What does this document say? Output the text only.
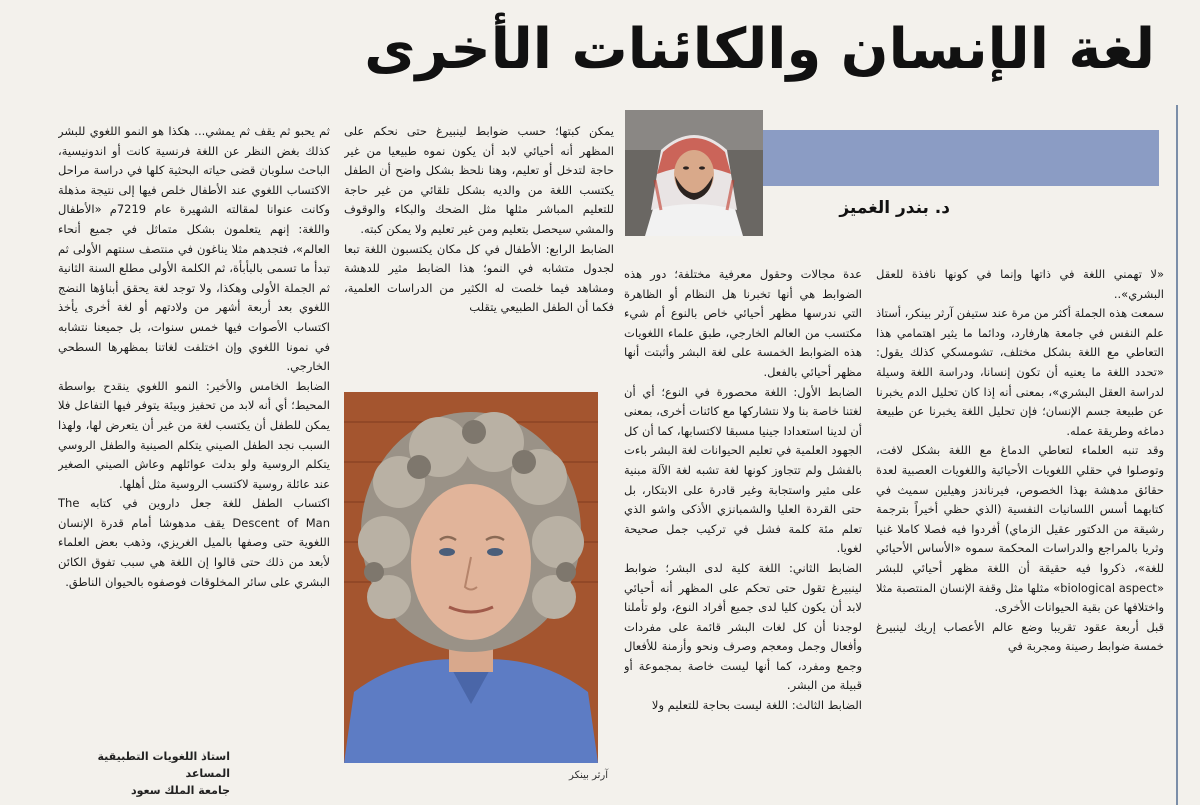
لغة الإنسان والكائنات الأخرى
د. بندر الغميز

«لا تهمني اللغة في ذاتها وإنما في كونها نافذة للعقل البشري»..

سمعت هذه الجملة أكثر من مرة عند ستيفن آرثر بينكر، أستاذ علم النفس في جامعة هارفارد، ودائما ما يثير اهتمامي هذا التعاطي مع اللغة بشكل مختلف، تشومسكي كذلك يقول: «تحدد اللغة ما يعنيه أن تكون إنسانا، ودراسة اللغة وسيلة لدراسة العقل البشري»، بمعنى أنه إذا كان تحليل الدم يخبرنا عن طبيعة جسم الإنسان؛ فإن تحليل اللغة يخبرنا عن طبيعة دماغه وطريقة عمله.

وقد تنبه العلماء لتعاطي الدماغ مع اللغة بشكل لافت، وتوصلوا في حقلي اللغويات الأحيائية واللغويات العصبية لعدة حقائق مدهشة بهذا الخصوص، فيرناندز وهيلين سميث في كتابهما أسس اللسانيات النفسية (الذي حظي أخيراً بترجمة رشيقة من الدكتور عقيل الزماي) أفردوا فيه فصلا كاملا غنيا وثريا بالمراجع والدراسات المحكمة سموه «الأساس الأحيائي للغة»، ذكروا فيه حقيقة أن اللغة مظهر أحيائي للبشر «biological aspect» مثلها مثل وقفة الإنسان المنتصبة مثلا واختلافها عن بقية الحيوانات الأخرى.

قبل أربعة عقود تقريبا وضع عالم الأعصاب إريك لينبيرغ خمسة ضوابط رصينة ومجربة في

عدة مجالات وحقول معرفية مختلفة؛ دور هذه الضوابط هي أنها تخبرنا هل النظام أو الظاهرة التي ندرسها مظهر أحيائي خاص بالنوع أم شيء مكتسب من العالم الخارجي، طبق علماء اللغويات هذه الضوابط الخمسة على لغة البشر وأثبتت أنها مظهر أحيائي بالفعل.

الضابط الأول: اللغة محصورة في النوع؛ أي أن لغتنا خاصة بنا ولا نتشاركها مع كائنات أخرى، بمعنى أن لدينا استعدادا جينيا مسبقا لاكتسابها، كما أن كل الجهود العلمية في تعليم الحيوانات لغة البشر باءت بالفشل ولم تتجاوز كونها لغة تشبه لغة الآلة مبنية على مثير واستجابة وغير قادرة على الابتكار، بل حتى القردة العليا والشمبانزي الأذكى واشو الذي تعلم مئة كلمة فشل في تركيب جمل صحيحة لغويا.

الضابط الثاني: اللغة كلية لدى البشر؛ ضوابط لينبيرغ تقول حتى تحكم على المظهر أنه أحيائي لابد أن يكون كليا لدى جميع أفراد النوع، ولو تأملنا لوجدنا أن كل لغات البشر قائمة على مفردات وأفعال وجمل ومعجم وصرف ونحو وأزمنة للأفعال وجمع ومفرد، كما أنها ليست خاصة بمجموعة أو قبيلة من البشر.

الضابط الثالث: اللغة ليست بحاجة للتعليم ولا

يمكن كبتها؛ حسب ضوابط لينبيرغ حتى نحكم على المظهر أنه أحيائي لابد أن يكون نموه طبيعيا من غير حاجة لتدخل أو تعليم، وهنا نلحظ بشكل واضح أن الطفل يكتسب اللغة من والديه بشكل تلقائي من غير حاجة للتعليم المباشر مثلها مثل الضحك والبكاء والوقوف والمشي سيحصل بتعليم ومن غير تعليم ولا يمكن كبته.

الضابط الرابع: الأطفال في كل مكان يكتسبون اللغة تبعا لجدول متشابه في النمو؛ هذا الضابط مثير للدهشة ومشاهد فيما خلصت له الكثير من الدراسات العلمية، فكما أن الطفل الطبيعي يتقلب

آرثر بينكر

ثم يحبو ثم يقف ثم يمشي... هكذا هو النمو اللغوي للبشر كذلك بغض النظر عن اللغة فرنسية كانت أو اندونيسية، الباحث سلوبان قضى حياته البحثية كلها في دراسة مراحل الاكتساب اللغوي عند الأطفال خلص فيها إلى نتيجة مذهلة وكانت عنوانا لمقالته الشهيرة عام 7219م «الأطفال واللغة: إنهم يتعلمون بشكل متماثل في جميع أنحاء العالم»، فتجدهم مثلا يناغون في منتصف سنتهم الأولى ثم تبدأ ما تسمى بالبأبأة، ثم الكلمة الأولى مطلع السنة الثانية ثم الجملة الأولى وهكذا، ولا توجد لغة يحقق أبناؤها النضج اللغوي بعد أربعة أشهر من ولادتهم أو لغة أخرى يأخذ اكتساب الأصوات فيها خمس سنوات، بل جميعنا نتشابه في نمونا اللغوي وإن اختلفت لغاتنا بمظهرها السطحي الخارجي.

الضابط الخامس والأخير: النمو اللغوي ينقدح بواسطة المحيط؛ أي أنه لابد من تحفيز وبيئة يتوفر فيها التفاعل فلا يمكن للطفل أن يكتسب لغة من غير أن يتعرض لها، ولهذا السبب نجد الطفل الصيني يتكلم الصينية والطفل الروسي يتكلم الروسية ولو بدلت عوائلهم وعاش الصيني الصغير عند عائلة روسية لاكتسب الروسية مثل أهلها.

اكتساب الطفل للغة جعل داروين في كتابه The Descent of Man يقف مدهوشا أمام قدرة الإنسان اللغوية حتى وصفها بالميل الغريزي، وذهب بعض العلماء لأبعد من ذلك حتى قالوا إن اللغة هي سبب تفوق الكائن البشري على سائر المخلوقات فوصفوه بالحيوان الناطق.

استاذ اللغويات التطبيقية المساعد
جامعة الملك سعود
